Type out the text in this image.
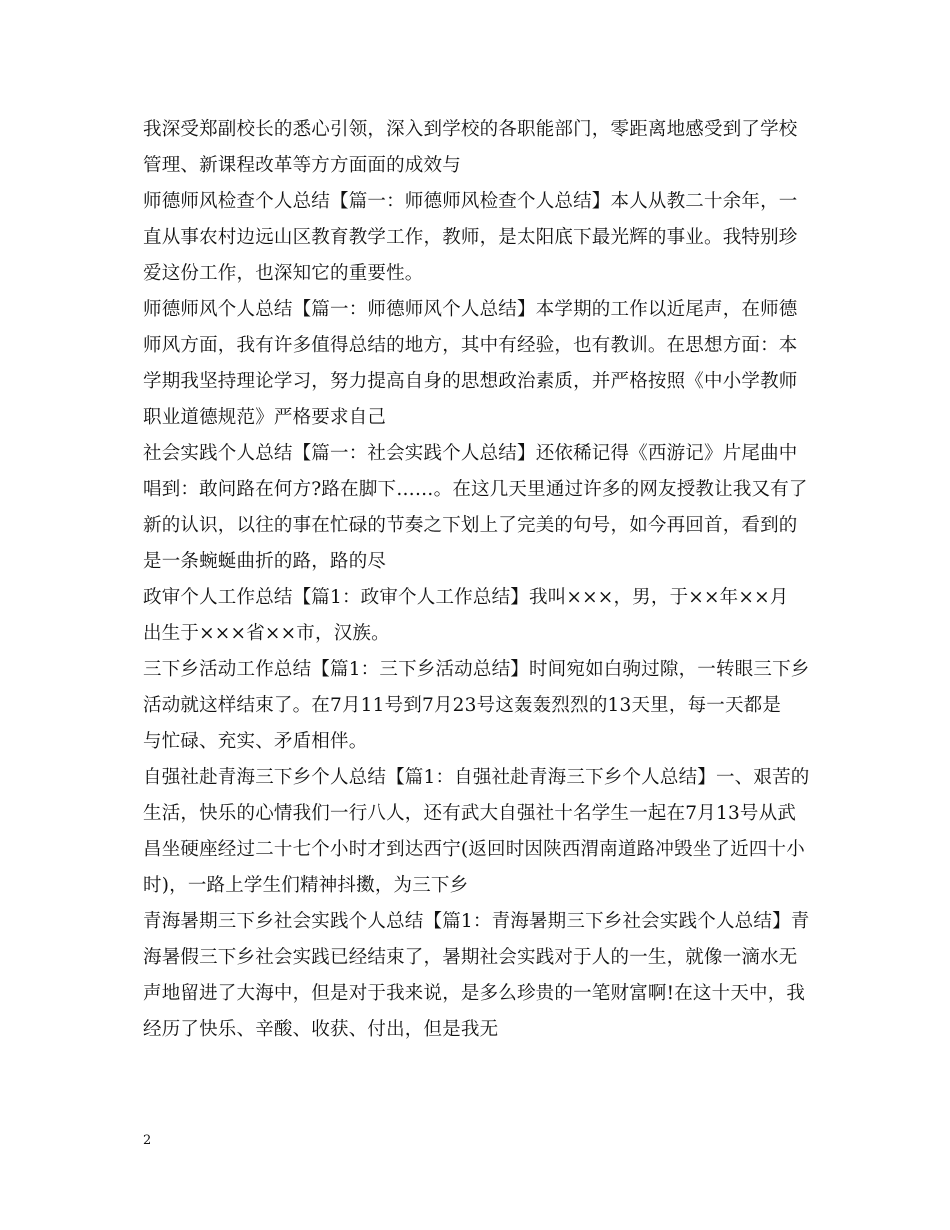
我深受郑副校长的悉心引领，深入到学校的各职能部门，零距离地感受到了学校
管理、新课程改革等方方面面的成效与
师德师风检查个人总结【篇一：师德师风检查个人总结】本人从教二十余年，一
直从事农村边远山区教育教学工作，教师，是太阳底下最光辉的事业。我特别珍
爱这份工作，也深知它的重要性。
师德师风个人总结【篇一：师德师风个人总结】本学期的工作以近尾声，在师德
师风方面，我有许多值得总结的地方，其中有经验，也有教训。在思想方面：本
学期我坚持理论学习，努力提高自身的思想政治素质，并严格按照《中小学教师
职业道德规范》严格要求自己
社会实践个人总结【篇一：社会实践个人总结】还依稀记得《西游记》片尾曲中
唱到：敢问路在何方?路在脚下……。在这几天里通过许多的网友授教让我又有了
新的认识，以往的事在忙碌的节奏之下划上了完美的句号，如今再回首，看到的
是一条蜿蜒曲折的路，路的尽
政审个人工作总结【篇1：政审个人工作总结】我叫×××，男，于××年××月
出生于×××省××市，汉族。
三下乡活动工作总结【篇1：三下乡活动总结】时间宛如白驹过隙，一转眼三下乡
活动就这样结束了。在7月11号到7月23号这轰轰烈烈的13天里，每一天都是
与忙碌、充实、矛盾相伴。
自强社赴青海三下乡个人总结【篇1：自强社赴青海三下乡个人总结】一、艰苦的
生活，快乐的心情我们一行八人，还有武大自强社十名学生一起在7月13号从武
昌坐硬座经过二十七个小时才到达西宁(返回时因陕西渭南道路冲毁坐了近四十小
时)，一路上学生们精神抖擞，为三下乡
青海暑期三下乡社会实践个人总结【篇1：青海暑期三下乡社会实践个人总结】青
海暑假三下乡社会实践已经结束了，暑期社会实践对于人的一生，就像一滴水无
声地留进了大海中，但是对于我来说，是多么珍贵的一笔财富啊!在这十天中，我
经历了快乐、辛酸、收获、付出，但是我无
2
